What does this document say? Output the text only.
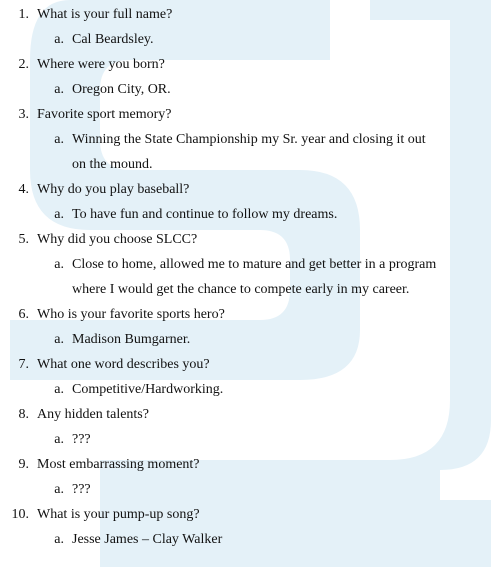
1. What is your full name?
a. Cal Beardsley.
2. Where were you born?
a. Oregon City, OR.
3. Favorite sport memory?
a. Winning the State Championship my Sr. year and closing it out
on the mound.
4. Why do you play baseball?
a. To have fun and continue to follow my dreams.
5. Why did you choose SLCC?
a. Close to home, allowed me to mature and get better in a program
where I would get the chance to compete early in my career.
6. Who is your favorite sports hero?
a. Madison Bumgarner.
7. What one word describes you?
a. Competitive/Hardworking.
8. Any hidden talents?
a. ???
9. Most embarrassing moment?
a. ???
10. What is your pump-up song?
a. Jesse James – Clay Walker
